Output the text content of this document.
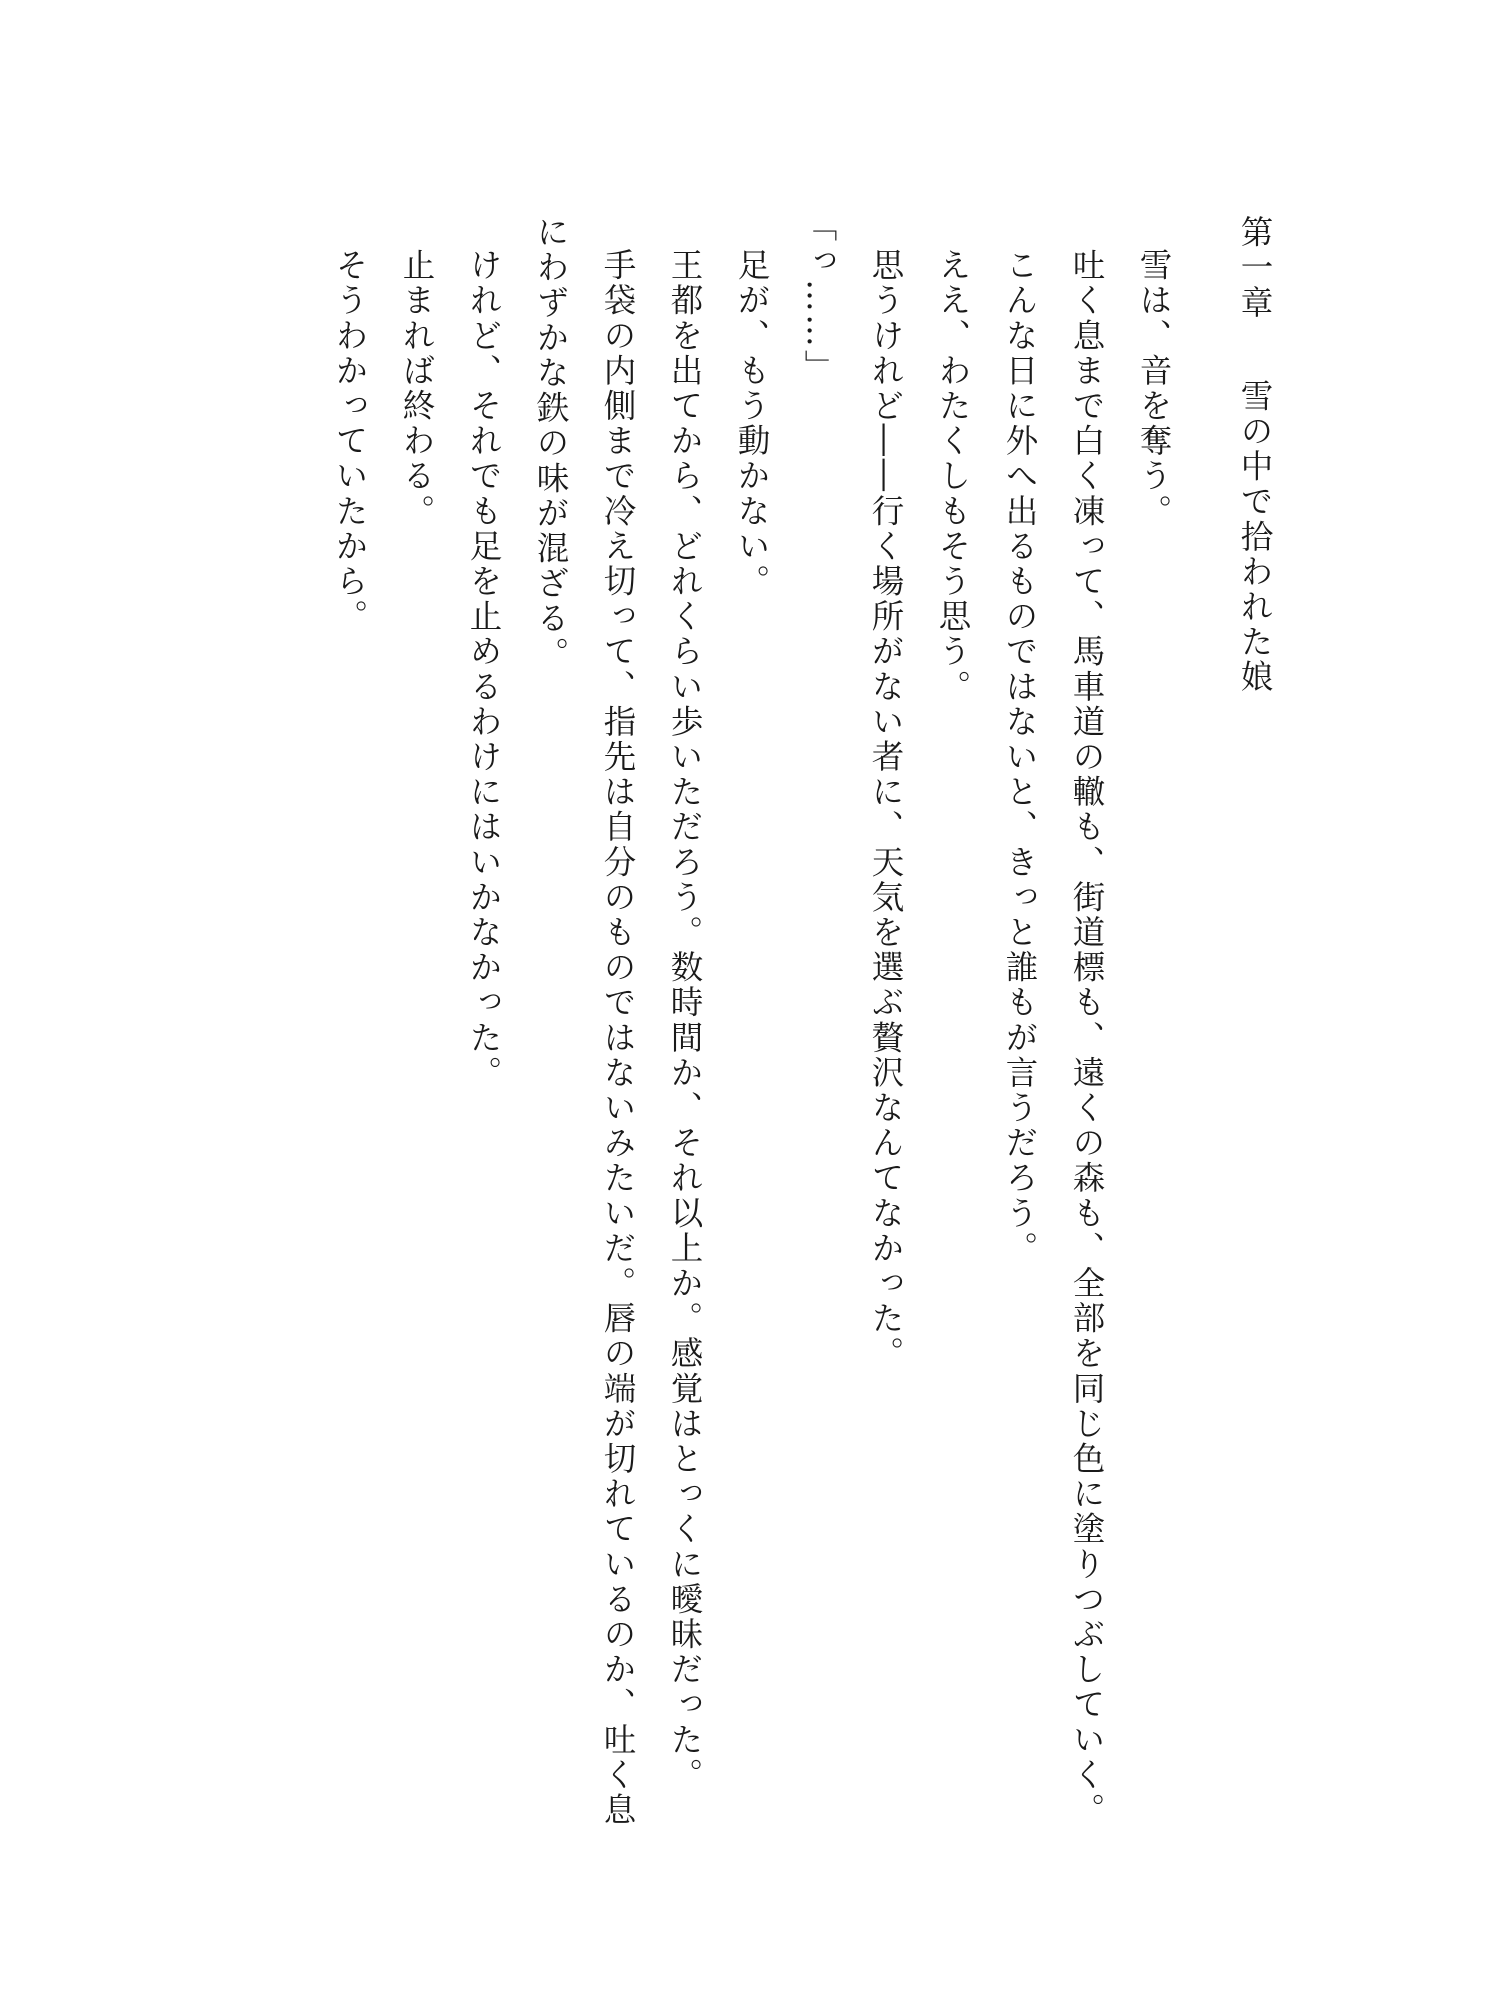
第一章雪の中で拾われた娘

雪は、音を奪う。

吐く息まで白く凍って、馬車道の轍も、街道標も、遠くの森も、全部を同じ色に塗りつぶしていく。

こんな日に外へ出るものではないと、きっと誰もが言うだろう。

ええ、わたくしもそう思う。

思うけれど――行く場所がない者に、天気を選ぶ贅沢なんてなかった。

「っ……」

足が、もう動かない。

王都を出てから、どれくらい歩いただろう。数時間か、それ以上か。感覚はとっくに曖昧だった。

手袋の内側まで冷え切って、指先は自分のものではないみたいだ。唇の端が切れているのか、吐く息にわずかな鉄の味が混ざる。

けれど、それでも足を止めるわけにはいかなかった。

止まれば終わる。

そうわかっていたから。
